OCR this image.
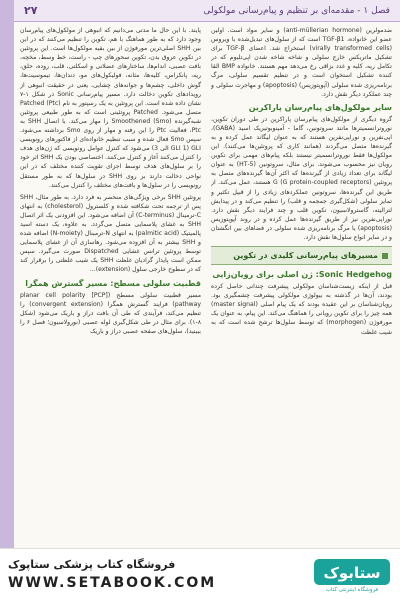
فصل ۱ - مقدمه‌ای بر تنظیم و پیام‌رسانی مولکولی
۲۷

ضدمولرین (anti-müllerian hormone) و سایر مواد است. اولین عضو این خانواده، TGF-β1 است که از سلول‌های تبدیل‌شده با ویروس (virally transformed cells) استخراج شد. اعضای TGF-β برای تشکیل ماتریکس خارج سلولی و شاخه شاخه شدن اپی‌تلیوم که در تکامل ریه، کلیه و غدد بزاقی رخ می‌دهد مهم هستند. خانواده BMP القا کننده تشکیل استخوان است و در تنظیم تقسیم سلولی، مرگ برنامه‌ریزی شده سلولی (آپوپتوزیس) (apoptosis) و مهاجرت سلولی و چند عملکرد دیگر نقش دارد.

سایر مولکول‌های پیام‌رسان پاراکرین

گروه دیگری از مولکول‌های پیام‌رسان پاراکرین در طی دوران تکوین، نوروترانسمیترها مانند سروتونین، گاما - آمینوبوتیریک اسید (GABA)، اپی‌نفرین و نوراپی‌نفرین هستند که به عنوان لیگاند عمل کرده و به گیرنده‌ها متصل می‌گردند (همانند کاری که پروتئین‌ها می‌کنند). این مولکول‌ها فقط نوروترانسمیتر نیستند بلکه پیام‌های مهمی برای تکوین رویان نیز محسوب می‌شوند. برای مثال، سروتونین (5-HT) به عنوان لیگاند برای تعداد زیادی از گیرنده‌ها که اکثر آن‌ها گیرنده‌های متصل به پروتئین G (G protein-coupled receptors) هستند، عمل می‌کند. از طریق این گیرنده‌ها، سروتونین عملکردهای زیادی را از قبیل تکثیر و تمایز سلولی (شکل‌گیری جمجمه و قلب) را تنظیم می‌کند و در پیدایش لترالیته، گاسترولاسیون، تکوین قلب و چند فرایند دیگر نقش دارد. نوراپی‌نفرین نیز از طریق گیرنده‌ها عمل کرده و در روند آپوپتوزیس (apoptosis) یا مرگ برنامه‌ریزی شده سلولی در فضاهای بین انگشتان و در سایر انواع سلول‌ها نقش دارد.

مسیرهای پیام‌رسانی کلیدی در تکوین
Sonic Hedgehog: ژن اصلی برای رویان‌زایی

قبل از اینکه زیست‌شناسان مولکولی پیشرفت چندانی حاصل کرده بودند، آن‌ها در گذشته به بیولوژی مولکولی پیشرفت چشمگیری بود. رویان‌شناسان بر این عقیده بودند که یک پیام اصلی (master signal) همه چیز را برای تکوین رویانی را هماهنگ می‌کند. این پیام، به عنوان یک مورفوژن (morphogen) که توسط سلول‌ها ترشح شده است که به شیب غلظت

پایند. با این حال ما مدتی می‌دانیم که انبوهی از مولکول‌های پیام‌رسان وجود دارد که به طور هماهنگ با هم، تکوین را تنظیم می‌کنند که در این بین SHH اصلی‌ترین مورفوژن از بین بقیه مولکول‌ها است. این پروتئین در تکوین عروق بدن، تکوین سحورهای چپ - راست، خط وسط، مخچه، بافت عصبی، اندام‌ها، ساختارهای عضلانی و اسکلتی، قلب، روده، حلق، ریه، پانکراس، کلیه‌ها، مثانه، فولیکول‌های مو، دندان‌ها، تیموسیت‌ها، گوش داخلی، چشم‌ها و جوانه‌های چشایی، یعنی در حقیقت انبوهی از رویدادهای تکوین دخالت دارد. مسیر پیام‌رسانی Sonic در شکل ۱-۷ نشان داده شده است. این پروتئین به یک رسپتور به نام Patched (Ptc) متصل می‌شود. Patched پروتئینی است که به طور طبیعی پروتئین شبه‌گیرنده Smoothened (Smo) را مهار می‌کند. با اتصال SHH به Ptc، فعالیت Ptc را این رفته و مهار از روی Smo برداشته می‌شود. سپس Smo فعال شده و سبب تنظیم خانواده‌ای از فاکتورهای رونویسی GLI (GLI 1 الی 3) می‌شود که کنترل عوامل رونویسی که ژن‌های هدف را کنترل می‌کنند آغاز و کنترل می‌کنند. اختصاصی بودن یک SHH اثر خود را بر سلول‌های هدف توسط اجزای تقویت کننده مختلف که در این نواحی دخالت دارند بر روی SHH در سلول‌ها که به طور مستقل رونویسی را در سلول‌ها و بافت‌های مختلف را کنترل می‌کنند.

پروتئین SHH برخی ویژگی‌های منحصر به فرد دارد. به طور مثال، SHH پس از ترجمه تحت شکافته شده و کلسترول (cholesterol) به انتهای C-ترمینال (C-terminus) آن اضافه می‌شود. این افزودنی یک اثر اتصال SHH به غشای پلاسمایی متصل می‌گردد. به علاوه، یک دسته اسید پالمیتیک (palmitic acid) به انتهای N-ترمینال (N-moiety) اضافه شده و SHH بیشتر به آن افزوده می‌شود. رهاسازی آن از غشای پلاسمایی توسط پروتئین ترانس غشایی Dispatched صورت می‌گیرد. سپس ممکن است پایدار گرادیان غلظت SHH یک شیب غلظتی را برقرار کند که در سطوح خارجی سلول (extension)...

قطبیت سلولی مسطح: مسیر گسترش همگرا

مسیر قطبیت سلولی مسطح (planar cell polarity [PCP] pathway) فرایند گسترش همگرا (convergent extension) را تنظیم می‌کند، فرآیندی که طی آن بافت دراز و باریک می‌شود (شکل ۸-۱). برای مثال در طی شکل‌گیری لوله عصبی (نورولاسیون؛ فصل ۶ را ببینید)، سلول‌های صفحه عصبی دراز و باریک

ستابوک
فروشگاه اینترنتی کتاب
فروشگاه کتاب پزشکی ستاپوک
WWW.SETABOOK.COM
